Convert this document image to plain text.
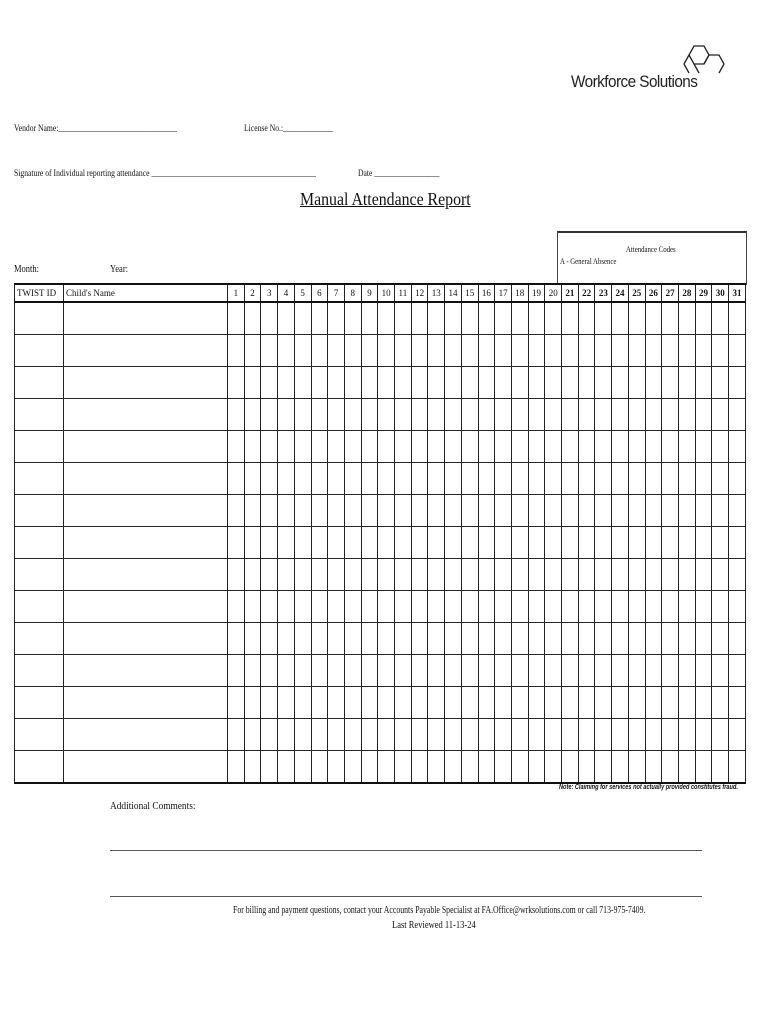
Workforce Solutions
Vendor Name:_______________________________	License No.:_____________
Signature of Individual reporting attendance ___________________________________________	Date _________________
Manual Attendance Report
Attendance Codes
A - General Absence
Month:	Year:
TWIST ID	Child's Name	1	2	3	4	5	6	7	8	9	10	11	12	13	14	15	16	17	18	19	20	21	22	23	24	25	26	27	28	29	30	31

Note: Claiming for services not actually provided constitutes fraud.
Additional Comments:
For billing and payment questions, contact your Accounts Payable Specialist at FA.Office@wrksolutions.com or call 713-975-7409.
Last Reviewed 11-13-24
